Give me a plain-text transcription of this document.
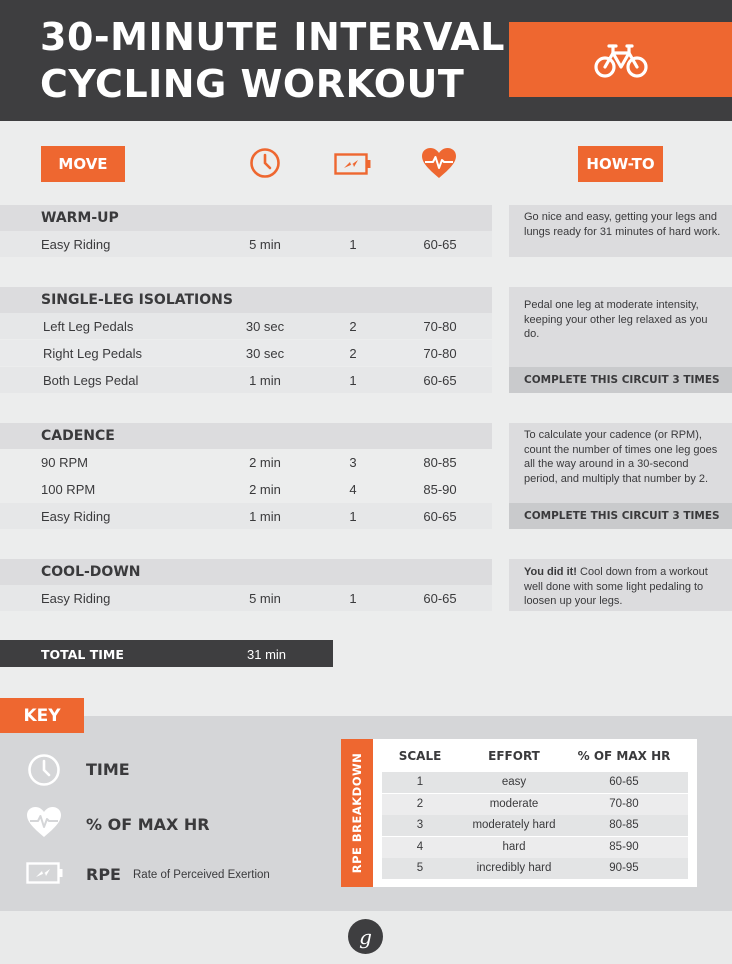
30-MINUTE INTERVAL
CYCLING WORKOUT
MOVE	HOW-TO
WARM-UP
Easy Riding	5 min	1	60-65
Go nice and easy, getting your legs and lungs ready for 31 minutes of hard work.
SINGLE-LEG ISOLATIONS
Left Leg Pedals	30 sec	2	70-80
Right Leg Pedals	30 sec	2	70-80
Both Legs Pedal	1 min	1	60-65
Pedal one leg at moderate intensity, keeping your other leg relaxed as you do.
COMPLETE THIS CIRCUIT 3 TIMES
CADENCE
90 RPM	2 min	3	80-85
100 RPM	2 min	4	85-90
Easy Riding	1 min	1	60-65
To calculate your cadence (or RPM), count the number of times one leg goes all the way around in a 30-second period, and multiply that number by 2.
COMPLETE THIS CIRCUIT 3 TIMES
COOL-DOWN
Easy Riding	5 min	1	60-65
You did it! Cool down from a workout well done with some light pedaling to loosen up your legs.
TOTAL TIME	31 min
KEY
TIME
% OF MAX HR
RPE Rate of Perceived Exertion
RPE BREAKDOWN	SCALE	EFFORT	% OF MAX HR
1	easy	60-65
2	moderate	70-80
3	moderately hard	80-85
4	hard	85-90
5	incredibly hard	90-95
g
